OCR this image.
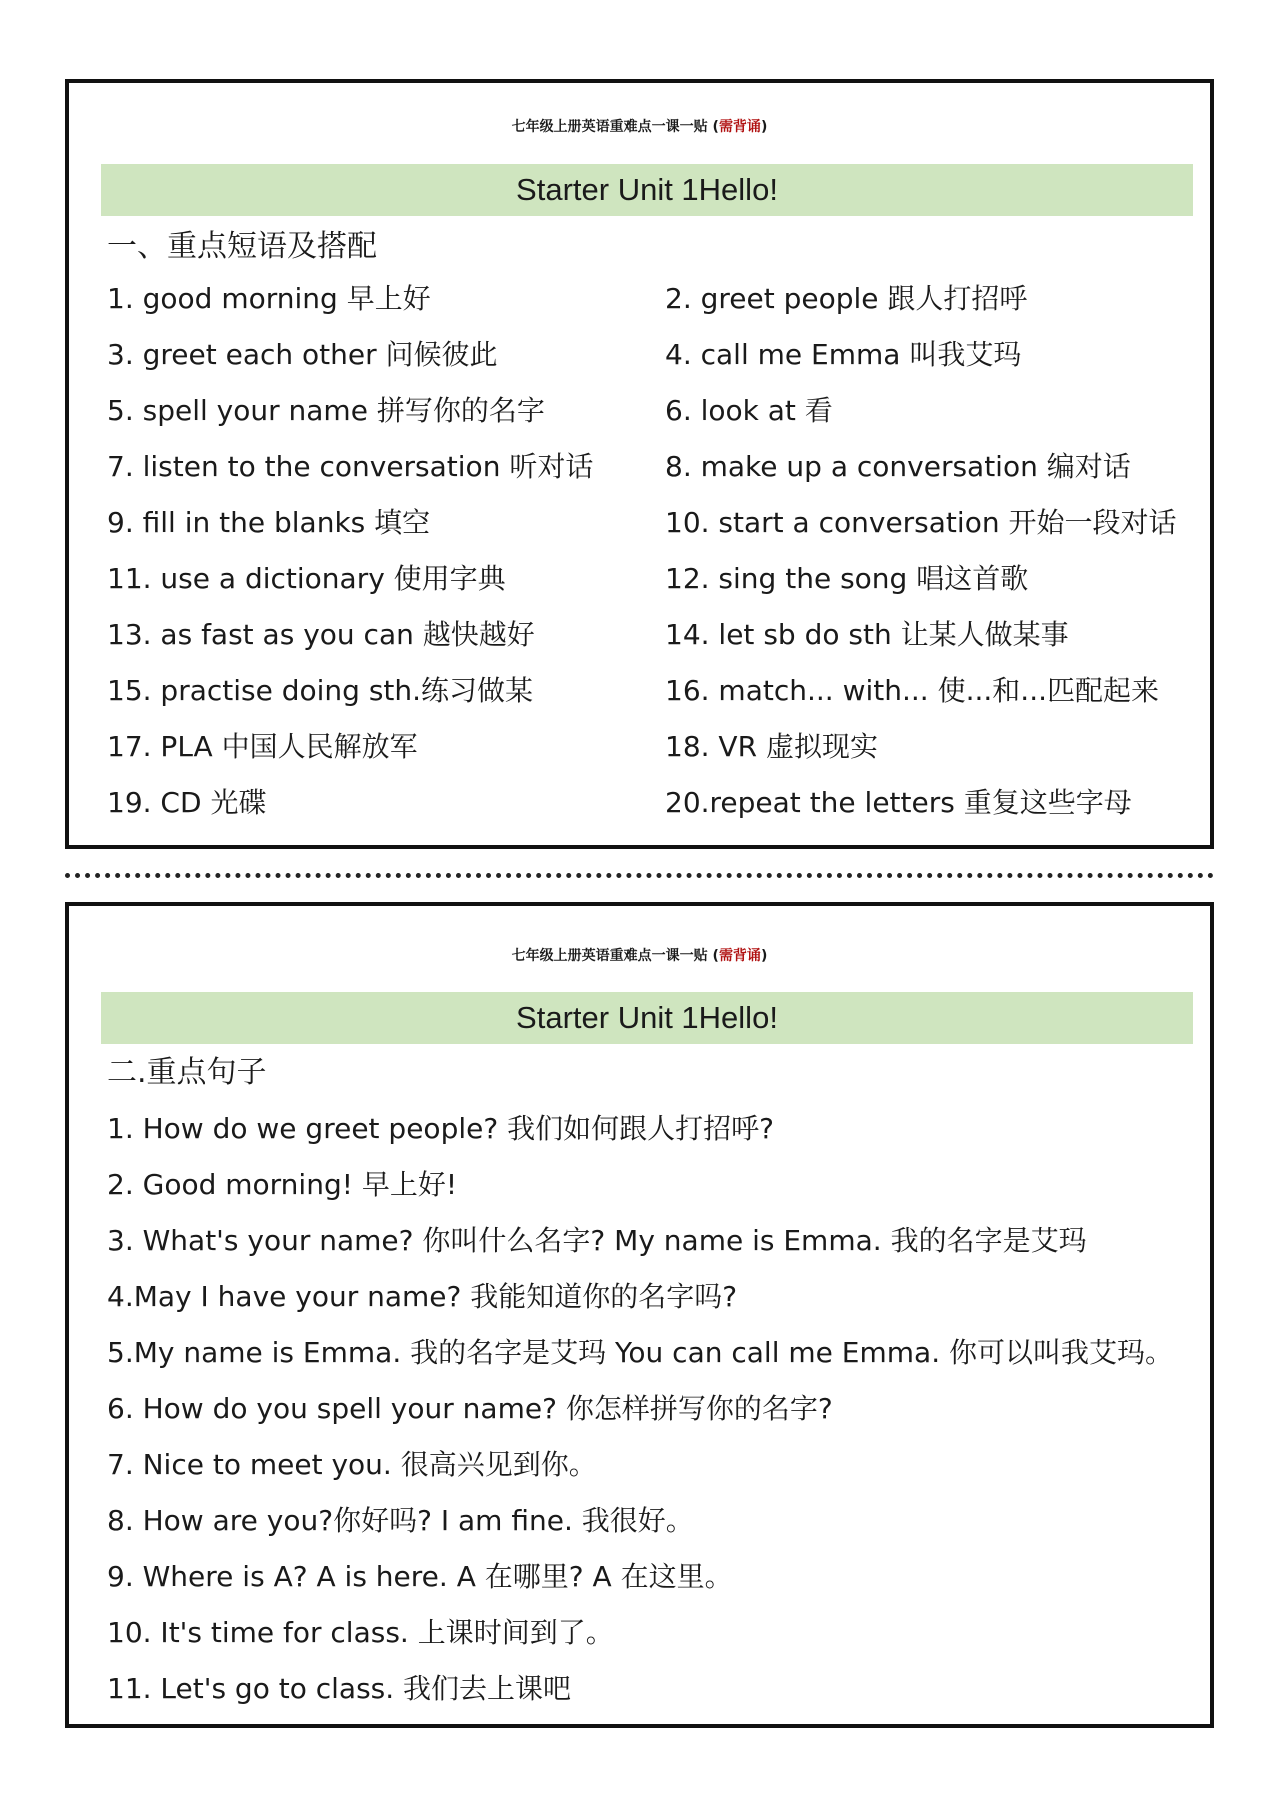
七年级上册英语重难点一课一贴 (需背诵)
Starter Unit 1Hello!
一、重点短语及搭配
1. good morning 早上好	2. greet people 跟人打招呼
3. greet each other 问候彼此	4. call me Emma 叫我艾玛
5. spell your name 拼写你的名字	6. look at 看
7. listen to the conversation 听对话	8. make up a conversation 编对话
9. fill in the blanks 填空	10. start a conversation 开始一段对话
11. use a dictionary 使用字典	12. sing the song 唱这首歌
13. as fast as you can 越快越好	14. let sb do sth 让某人做某事
15. practise doing sth.练习做某	16. match... with... 使...和...匹配起来
17. PLA 中国人民解放军	18. VR 虚拟现实
19. CD 光碟	20.repeat the letters 重复这些字母
七年级上册英语重难点一课一贴 (需背诵)
Starter Unit 1Hello!
二.重点句子
1. How do we greet people? 我们如何跟人打招呼?
2. Good morning! 早上好!
3. What's your name? 你叫什么名字? My name is Emma. 我的名字是艾玛
4.May I have your name? 我能知道你的名字吗?
5.My name is Emma. 我的名字是艾玛 You can call me Emma. 你可以叫我艾玛。
6. How do you spell your name? 你怎样拼写你的名字?
7. Nice to meet you. 很高兴见到你。
8. How are you?你好吗? I am fine. 我很好。
9. Where is A? A is here. A 在哪里? A 在这里。
10. It's time for class. 上课时间到了。
11. Let's go to class. 我们去上课吧
